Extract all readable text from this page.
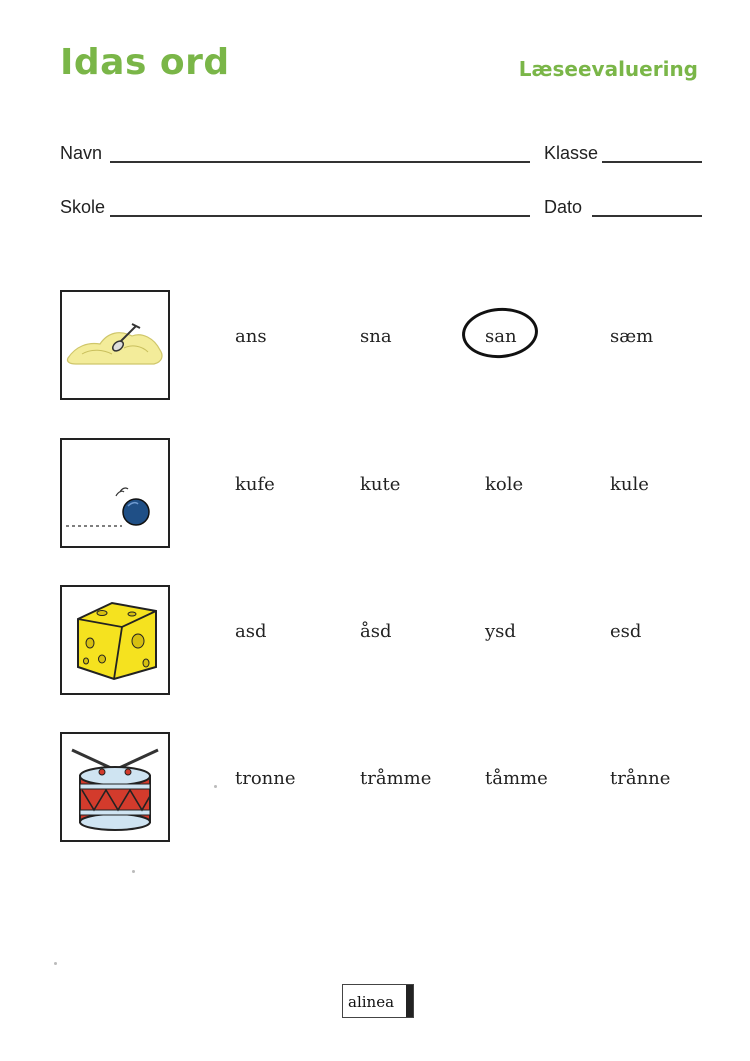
Idas ord	Læseevaluering
Navn	Klasse
Skole	Dato
ans	sna	san	sæm
kufe	kute	kole	kule
asd	åsd	ysd	esd
tronne	tråmme	tåmme	trånne
alinea
